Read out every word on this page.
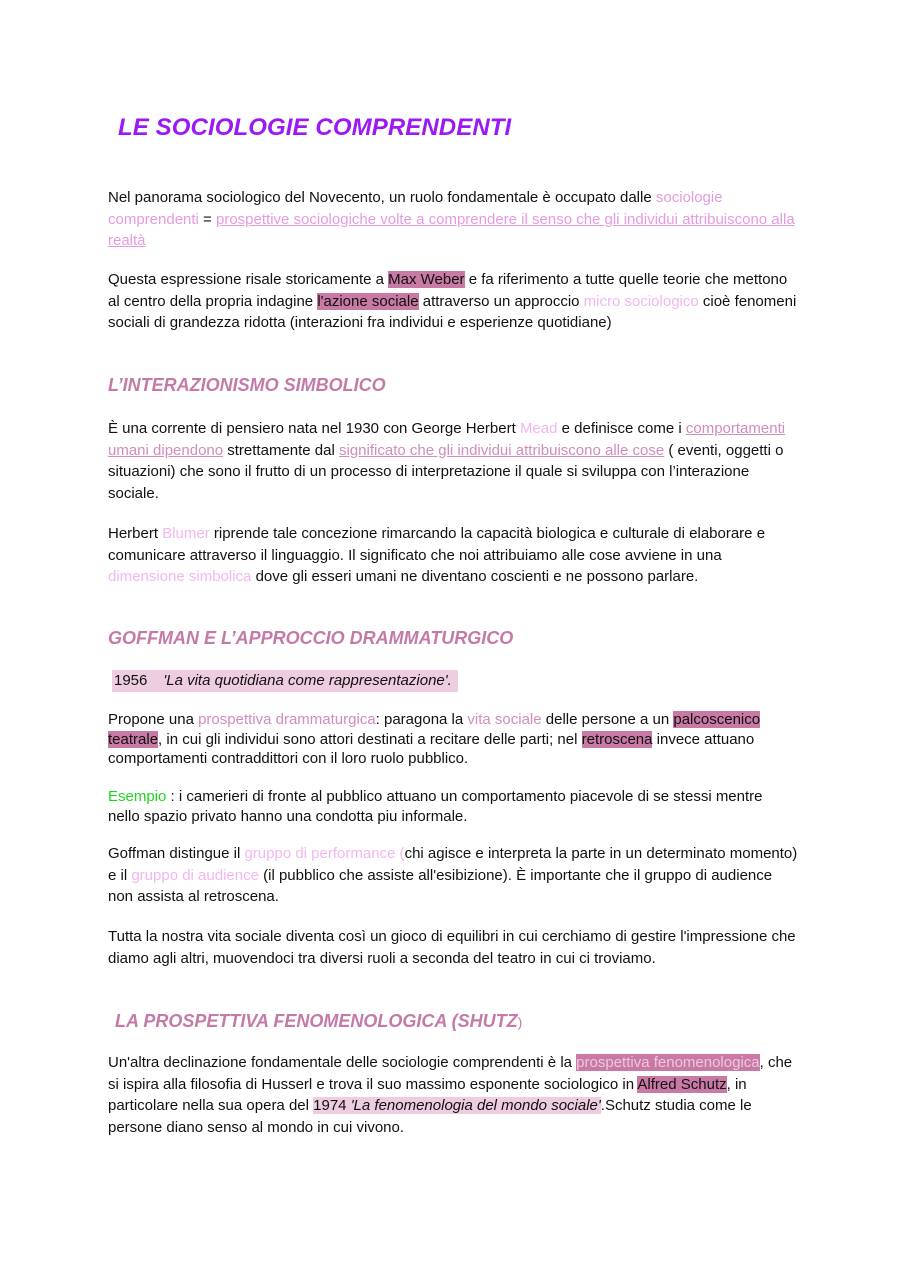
LE SOCIOLOGIE COMPRENDENTI

Nel panorama sociologico del Novecento, un ruolo fondamentale è occupato dalle sociologie comprendenti = prospettive sociologiche volte a comprendere il senso che gli individui attribuiscono alla realtà

Questa espressione risale storicamente a Max Weber e fa riferimento a tutte quelle teorie che mettono al centro della propria indagine l'azione sociale attraverso un approccio micro sociologico cioè fenomeni sociali di grandezza ridotta (interazioni fra individui e esperienze quotidiane)

L’INTERAZIONISMO SIMBOLICO

È una corrente di pensiero nata nel 1930 con George Herbert Mead e definisce come i comportamenti umani dipendono strettamente dal significato che gli individui attribuiscono alle cose ( eventi, oggetti o situazioni) che sono il frutto di un processo di interpretazione il quale si sviluppa con l’interazione sociale.

Herbert Blumer riprende tale concezione rimarcando la capacità biologica e culturale di elaborare e comunicare attraverso il linguaggio. Il significato che noi attribuiamo alle cose avviene in una dimensione simbolica dove gli esseri umani ne diventano coscienti e ne possono parlare.

GOFFMAN E L’APPROCCIO DRAMMATURGICO
1956 'La vita quotidiana come rappresentazione'.

Propone una prospettiva drammaturgica: paragona la vita sociale delle persone a un palcoscenico teatrale, in cui gli individui sono attori destinati a recitare delle parti; nel retroscena invece attuano comportamenti contraddittori con il loro ruolo pubblico.

Esempio : i camerieri di fronte al pubblico attuano un comportamento piacevole di se stessi mentre nello spazio privato hanno una condotta piu informale.

Goffman distingue il gruppo di performance (chi agisce e interpreta la parte in un determinato momento) e il gruppo di audience (il pubblico che assiste all'esibizione). È importante che il gruppo di audience non assista al retroscena.

Tutta la nostra vita sociale diventa così un gioco di equilibri in cui cerchiamo di gestire l'impressione che diamo agli altri, muovendoci tra diversi ruoli a seconda del teatro in cui ci troviamo.

LA PROSPETTIVA FENOMENOLOGICA (SHUTZ)

Un'altra declinazione fondamentale delle sociologie comprendenti è la prospettiva fenomenologica, che si ispira alla filosofia di Husserl e trova il suo massimo esponente sociologico in Alfred Schutz, in particolare nella sua opera del 1974 'La fenomenologia del mondo sociale'.Schutz studia come le persone diano senso al mondo in cui vivono.
